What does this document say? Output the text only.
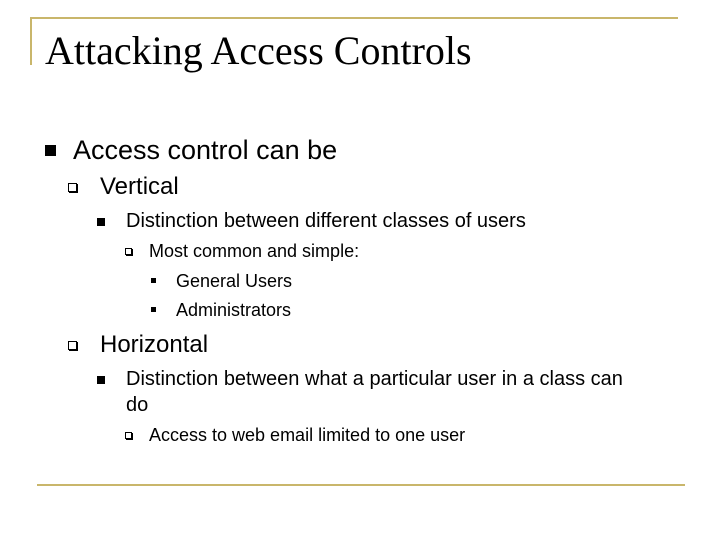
Attacking Access Controls
Access control can be
Vertical
Distinction between different classes of users
Most common and simple:
General Users
Administrators
Horizontal
Distinction between what a particular user in a class can
do
Access to web email limited to one user
